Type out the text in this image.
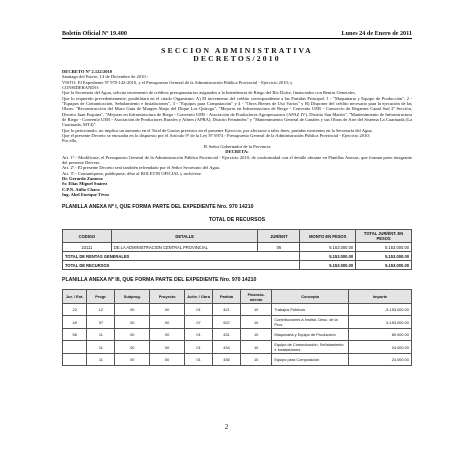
Boletín Oficial Nº 19.400	Lunes 24 de Enero de 2011
SECCION ADMINISTRATIVA
DECRETOS/2010

DECRETO Nº 2.122/2010

Santiago del Estero, 14 de Diciembre de 2010.-

VISTO: El Expediente Nº 970-142-2010, y el Presupuesto General de la Administración Pública Provincial - Ejercicio 2010; y

CONSIDERANDO:

Que la Secretaría del Agua, solicita incremento de créditos presupuestarios asignados a la Intendencia de Riego del Río Dulce, financiados con Rentas Generales.

Que lo requerido precedentemente, posibilitará en el citado Organismo: A) El incremento del crédito correspondiente a las Partidas Principal: 1 - "Maquinaria y Equipo de Producción", 2 - "Equipos de Comunicación, Señalamiento e Instalaciones", 3 - "Equipos para Computación" y 4 - "Otros Bienes de Uso Varios" y B) Disponer del crédito necesario para la ejecución de las Obras: "Reconstrucción del Muro Guía de Margen Abajo del Dique Los Quiroga", "Mejoras en Infraestructura de Riego - Convenio UER - Consorcio de Regantes Canal Sud 2º Sección, Distrito Juan Esquina", "Mejoras en Infraestructura de Riego - Convenio UER - Asociación de Productores Agropecuarios (APAZ IV), Distrito San Martín", "Mantenimiento de Infraestructura de Riego - Convenio UER - Asociación de Productores Rurales y Afines (APRA), Distrito Fernández" y "Mantenimiento General de Canales y sus Obras de Arte del Sistema La Cuartuada (La Cuartuada, MT4)".

Que lo peticionado, no implica un aumento en el Total de Gastos previstos en el presente Ejercicio, por afectarse a tales fines, partidas existentes en la Secretaría del Agua.

Que el presente Decreto se encuadra en lo dispuesto por el Artículo 9º de la Ley Nº 6974 - Presupuesto General de la Administración Pública Provincial - Ejercicio 2010;

Por ello,

El Señor Gobernador de la Provincia

DECRETA:

Art. 1º.- Modifícase, el Presupuesto General de la Administración Pública Provincial - Ejercicio 2010, de conformidad con el detalle obrante en Planillas Anexas, que forman parte integrante del presente Decreto.

Art. 2º.- El presente Decreto será también refrendado por el Señor Secretario del Agua.

Art. 3º.- Comuníquese, publíquese, dése al BOLETIN OFICIAL y archívese.

Dr. Gerardo Zamora

Sr. Elías Miguel Suárez

C.P.N. Atilio Chara

Ing. Abel Enrique Tévez

PLANILLA ANEXA Nº I, QUE FORMA PARTE DEL EXPEDIENTE Nro. 970 14210
TOTAL DE RECURSOS
CODIGO	DETALLE	JUR/ENT	MONTO EN PESOS	TOTAL JUR/ENT. EN PESOS
23111	DE LA ADMINISTRACION CENTRAL PROVINCIAL	06	5.153.000.00	5.153.000.00
TOTAL DE RENTAS GENERALES			5.153.000.00	5.153.000.00
TOTAL DE RECURSOS			5.153.000.00	5.153.000.00
PLANILLA ANEXA Nº III, QUE FORMA PARTE DEL EXPEDIENTE Nro. 970 14210
Jur. / Ent.	Progr.	Subprog.	Proyecto	Activ. / Obra	Partida	Financia- miento	Concepto	Importe
22	12	00	00	01	421	10	Trabajos Públicos	-5.153.000.00
49	97	00	00	07	922	10	Contribuciones a Institut. Desc. de la Prov.	5.153.000.00
56	11	00	00	01	431	10	Maquinaria y Equipo de Producción	80.000.00
	11	00	00	01	434	10	Equipo de Comunicación, Señalamiento e Instalaciones	24.000.00
	11	00	00	01	436	10	Equipo para Computación	24.000.00
2
